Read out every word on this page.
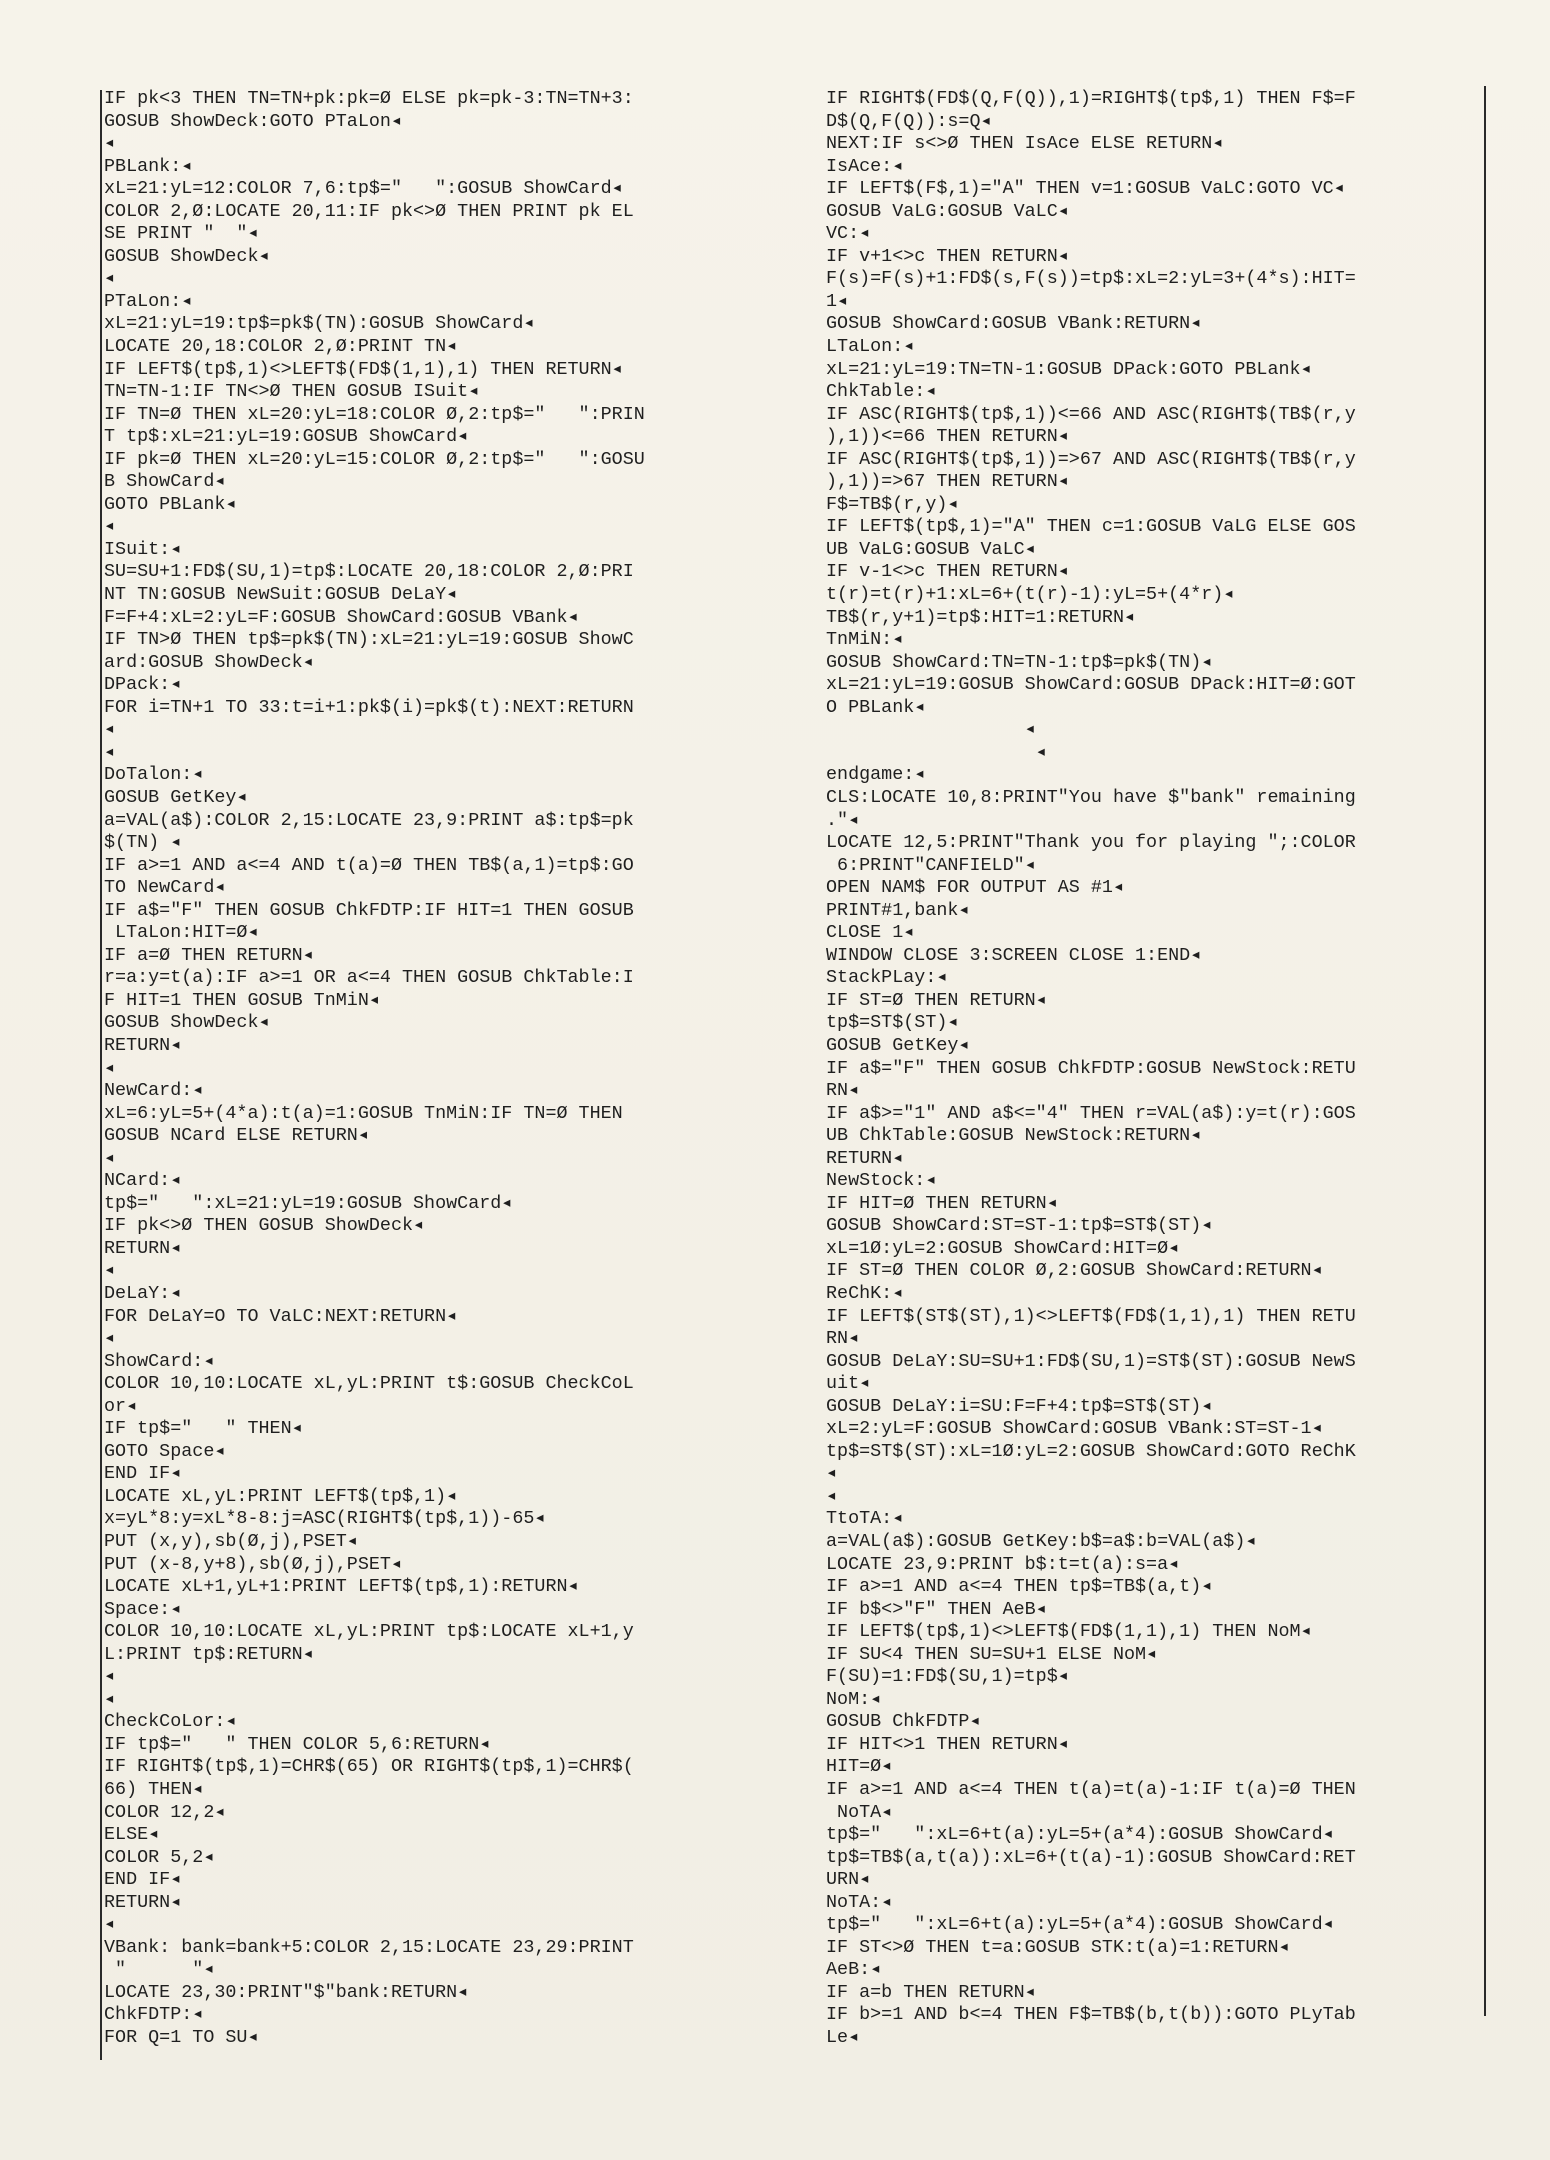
IF pk<3 THEN TN=TN+pk:pk=Ø ELSE pk=pk-3:TN=TN+3:
GOSUB ShowDeck:GOTO PTaLon◂
◂
PBLank:◂
xL=21:yL=12:COLOR 7,6:tp$="   ":GOSUB ShowCard◂
COLOR 2,Ø:LOCATE 20,11:IF pk<>Ø THEN PRINT pk EL
SE PRINT "  "◂
GOSUB ShowDeck◂
◂
PTaLon:◂
xL=21:yL=19:tp$=pk$(TN):GOSUB ShowCard◂
LOCATE 20,18:COLOR 2,Ø:PRINT TN◂
IF LEFT$(tp$,1)<>LEFT$(FD$(1,1),1) THEN RETURN◂
TN=TN-1:IF TN<>Ø THEN GOSUB ISuit◂
IF TN=Ø THEN xL=20:yL=18:COLOR Ø,2:tp$="   ":PRIN
T tp$:xL=21:yL=19:GOSUB ShowCard◂
IF pk=Ø THEN xL=20:yL=15:COLOR Ø,2:tp$="   ":GOSU
B ShowCard◂
GOTO PBLank◂
◂
ISuit:◂
SU=SU+1:FD$(SU,1)=tp$:LOCATE 20,18:COLOR 2,Ø:PRI
NT TN:GOSUB NewSuit:GOSUB DeLaY◂
F=F+4:xL=2:yL=F:GOSUB ShowCard:GOSUB VBank◂
IF TN>Ø THEN tp$=pk$(TN):xL=21:yL=19:GOSUB ShowC
ard:GOSUB ShowDeck◂
DPack:◂
FOR i=TN+1 TO 33:t=i+1:pk$(i)=pk$(t):NEXT:RETURN
◂
◂
DoTalon:◂
GOSUB GetKey◂
a=VAL(a$):COLOR 2,15:LOCATE 23,9:PRINT a$:tp$=pk
$(TN) ◂
IF a>=1 AND a<=4 AND t(a)=Ø THEN TB$(a,1)=tp$:GO
TO NewCard◂
IF a$="F" THEN GOSUB ChkFDTP:IF HIT=1 THEN GOSUB
LTaLon:HIT=Ø◂
IF a=Ø THEN RETURN◂
r=a:y=t(a):IF a>=1 OR a<=4 THEN GOSUB ChkTable:I
F HIT=1 THEN GOSUB TnMiN◂
GOSUB ShowDeck◂
RETURN◂
◂
NewCard:◂
xL=6:yL=5+(4*a):t(a)=1:GOSUB TnMiN:IF TN=Ø THEN
GOSUB NCard ELSE RETURN◂
◂
NCard:◂
tp$="   ":xL=21:yL=19:GOSUB ShowCard◂
IF pk<>Ø THEN GOSUB ShowDeck◂
RETURN◂
◂
DeLaY:◂
FOR DeLaY=O TO VaLC:NEXT:RETURN◂
◂
ShowCard:◂
COLOR 10,10:LOCATE xL,yL:PRINT t$:GOSUB CheckCoL
or◂
IF tp$="   " THEN◂
GOTO Space◂
END IF◂
LOCATE xL,yL:PRINT LEFT$(tp$,1)◂
x=yL*8:y=xL*8-8:j=ASC(RIGHT$(tp$,1))-65◂
PUT (x,y),sb(Ø,j),PSET◂
PUT (x-8,y+8),sb(Ø,j),PSET◂
LOCATE xL+1,yL+1:PRINT LEFT$(tp$,1):RETURN◂
Space:◂
COLOR 10,10:LOCATE xL,yL:PRINT tp$:LOCATE xL+1,y
L:PRINT tp$:RETURN◂
◂
◂
CheckCoLor:◂
IF tp$="   " THEN COLOR 5,6:RETURN◂
IF RIGHT$(tp$,1)=CHR$(65) OR RIGHT$(tp$,1)=CHR$(
66) THEN◂
COLOR 12,2◂
ELSE◂
COLOR 5,2◂
END IF◂
RETURN◂
◂
VBank: bank=bank+5:COLOR 2,15:LOCATE 23,29:PRINT
"      "◂
LOCATE 23,30:PRINT"$"bank:RETURN◂
ChkFDTP:◂
FOR Q=1 TO SU◂
IF RIGHT$(FD$(Q,F(Q)),1)=RIGHT$(tp$,1) THEN F$=F
D$(Q,F(Q)):s=Q◂
NEXT:IF s<>Ø THEN IsAce ELSE RETURN◂
IsAce:◂
IF LEFT$(F$,1)="A" THEN v=1:GOSUB VaLC:GOTO VC◂
GOSUB VaLG:GOSUB VaLC◂
VC:◂
IF v+1<>c THEN RETURN◂
F(s)=F(s)+1:FD$(s,F(s))=tp$:xL=2:yL=3+(4*s):HIT=
1◂
GOSUB ShowCard:GOSUB VBank:RETURN◂
LTaLon:◂
xL=21:yL=19:TN=TN-1:GOSUB DPack:GOTO PBLank◂
ChkTable:◂
IF ASC(RIGHT$(tp$,1))<=66 AND ASC(RIGHT$(TB$(r,y
),1))<=66 THEN RETURN◂
IF ASC(RIGHT$(tp$,1))=>67 AND ASC(RIGHT$(TB$(r,y
),1))=>67 THEN RETURN◂
F$=TB$(r,y)◂
IF LEFT$(tp$,1)="A" THEN c=1:GOSUB VaLG ELSE GOS
UB VaLG:GOSUB VaLC◂
IF v-1<>c THEN RETURN◂
t(r)=t(r)+1:xL=6+(t(r)-1):yL=5+(4*r)◂
TB$(r,y+1)=tp$:HIT=1:RETURN◂
TnMiN:◂
GOSUB ShowCard:TN=TN-1:tp$=pk$(TN)◂
xL=21:yL=19:GOSUB ShowCard:GOSUB DPack:HIT=Ø:GOT
O PBLank◂
◂
◂
endgame:◂
CLS:LOCATE 10,8:PRINT"You have $"bank" remaining
."◂
LOCATE 12,5:PRINT"Thank you for playing ";:COLOR
6:PRINT"CANFIELD"◂
OPEN NAM$ FOR OUTPUT AS #1◂
PRINT#1,bank◂
CLOSE 1◂
WINDOW CLOSE 3:SCREEN CLOSE 1:END◂
StackPLay:◂
IF ST=Ø THEN RETURN◂
tp$=ST$(ST)◂
GOSUB GetKey◂
IF a$="F" THEN GOSUB ChkFDTP:GOSUB NewStock:RETU
RN◂
IF a$>="1" AND a$<="4" THEN r=VAL(a$):y=t(r):GOS
UB ChkTable:GOSUB NewStock:RETURN◂
RETURN◂
NewStock:◂
IF HIT=Ø THEN RETURN◂
GOSUB ShowCard:ST=ST-1:tp$=ST$(ST)◂
xL=1Ø:yL=2:GOSUB ShowCard:HIT=Ø◂
IF ST=Ø THEN COLOR Ø,2:GOSUB ShowCard:RETURN◂
ReChK:◂
IF LEFT$(ST$(ST),1)<>LEFT$(FD$(1,1),1) THEN RETU
RN◂
GOSUB DeLaY:SU=SU+1:FD$(SU,1)=ST$(ST):GOSUB NewS
uit◂
GOSUB DeLaY:i=SU:F=F+4:tp$=ST$(ST)◂
xL=2:yL=F:GOSUB ShowCard:GOSUB VBank:ST=ST-1◂
tp$=ST$(ST):xL=1Ø:yL=2:GOSUB ShowCard:GOTO ReChK
◂
◂
TtoTA:◂
a=VAL(a$):GOSUB GetKey:b$=a$:b=VAL(a$)◂
LOCATE 23,9:PRINT b$:t=t(a):s=a◂
IF a>=1 AND a<=4 THEN tp$=TB$(a,t)◂
IF b$<>"F" THEN AeB◂
IF LEFT$(tp$,1)<>LEFT$(FD$(1,1),1) THEN NoM◂
IF SU<4 THEN SU=SU+1 ELSE NoM◂
F(SU)=1:FD$(SU,1)=tp$◂
NoM:◂
GOSUB ChkFDTP◂
IF HIT<>1 THEN RETURN◂
HIT=Ø◂
IF a>=1 AND a<=4 THEN t(a)=t(a)-1:IF t(a)=Ø THEN
NoTA◂
tp$="   ":xL=6+t(a):yL=5+(a*4):GOSUB ShowCard◂
tp$=TB$(a,t(a)):xL=6+(t(a)-1):GOSUB ShowCard:RET
URN◂
NoTA:◂
tp$="   ":xL=6+t(a):yL=5+(a*4):GOSUB ShowCard◂
IF ST<>Ø THEN t=a:GOSUB STK:t(a)=1:RETURN◂
AeB:◂
IF a=b THEN RETURN◂
IF b>=1 AND b<=4 THEN F$=TB$(b,t(b)):GOTO PLyTab
Le◂
